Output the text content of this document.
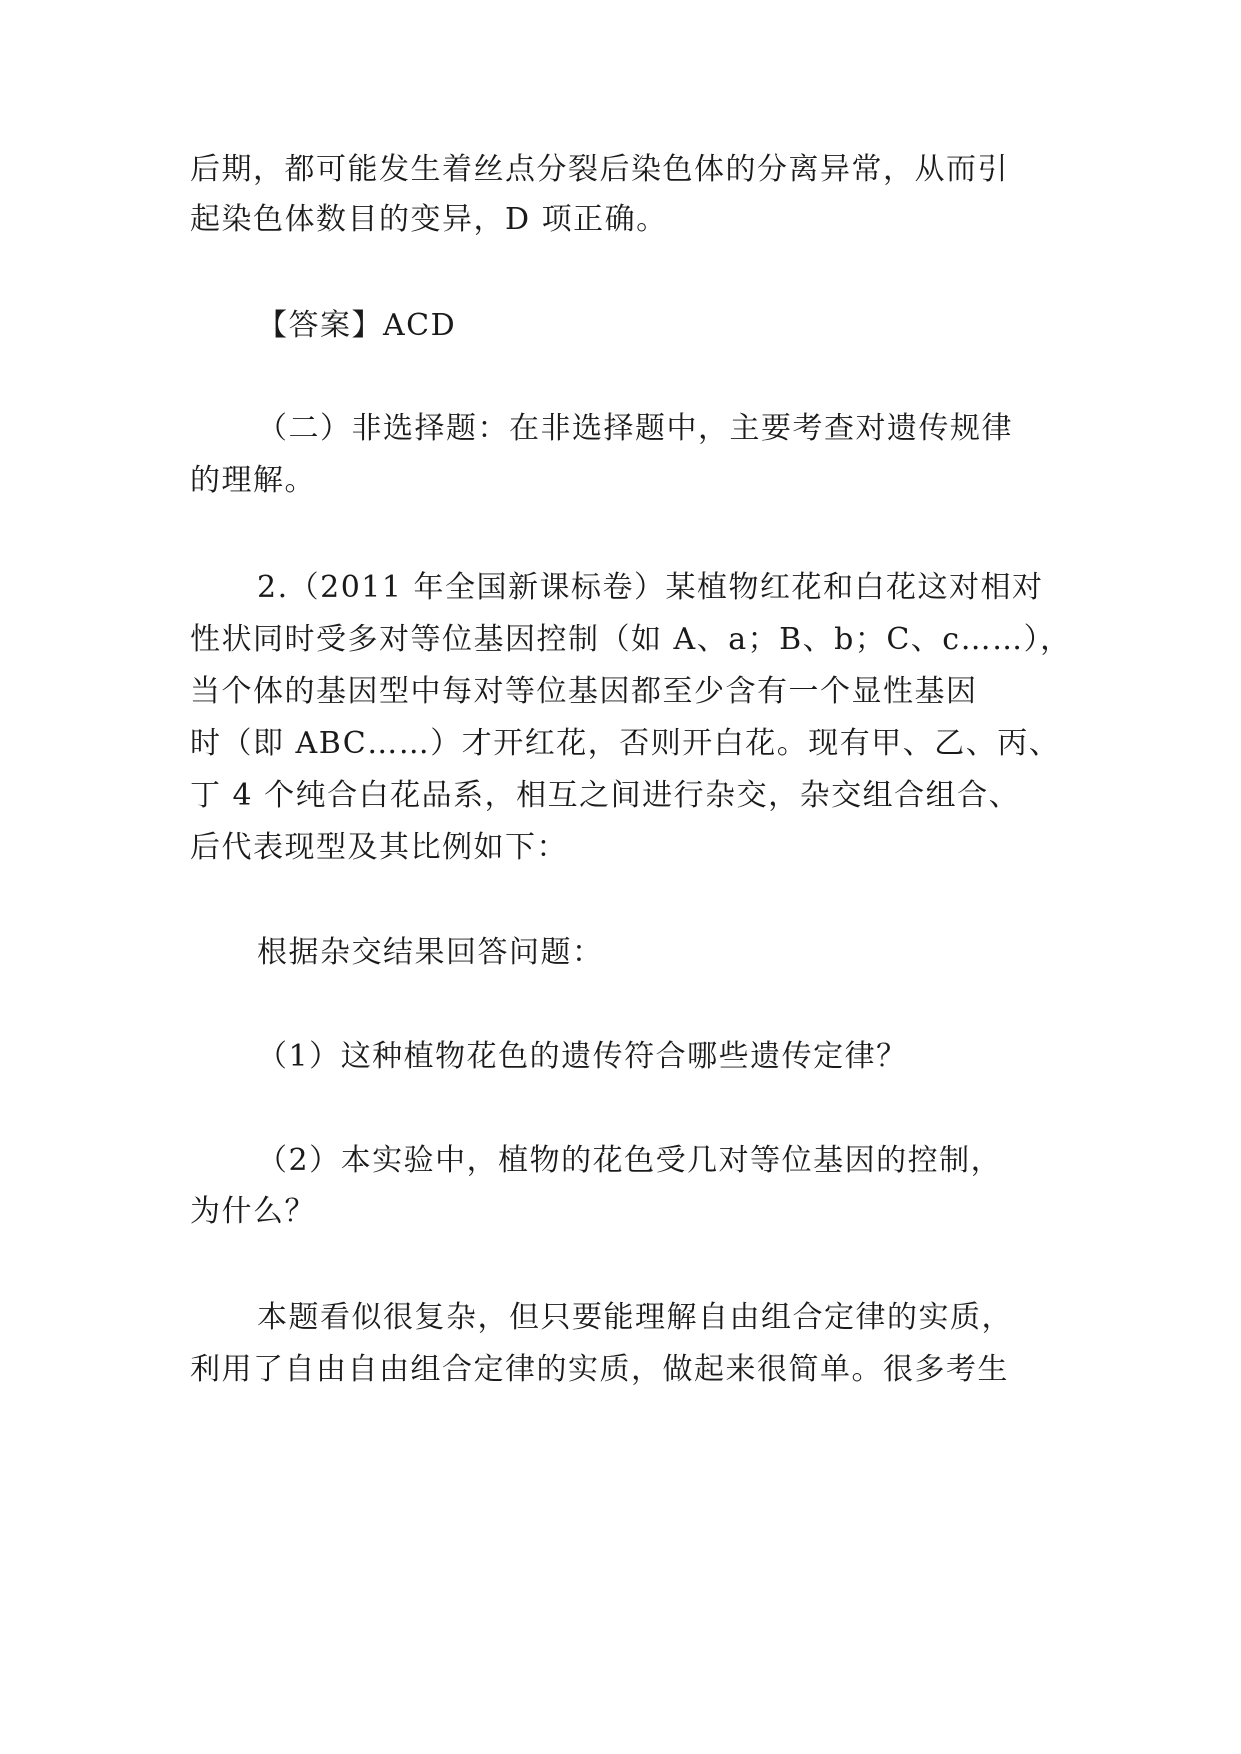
后期，都可能发生着丝点分裂后染色体的分离异常，从而引
起染色体数目的变异，D 项正确。
【答案】ACD
（二）非选择题：在非选择题中，主要考查对遗传规律
的理解。
2.（2011 年全国新课标卷）某植物红花和白花这对相对
性状同时受多对等位基因控制（如 A、a；B、b；C、c……），
当个体的基因型中每对等位基因都至少含有一个显性基因
时（即 ABC……）才开红花，否则开白花。现有甲、乙、丙、
丁 4 个纯合白花品系，相互之间进行杂交，杂交组合组合、
后代表现型及其比例如下：
根据杂交结果回答问题：
（1）这种植物花色的遗传符合哪些遗传定律？
（2）本实验中，植物的花色受几对等位基因的控制，
为什么？
本题看似很复杂，但只要能理解自由组合定律的实质，
利用了自由自由组合定律的实质，做起来很简单。很多考生
